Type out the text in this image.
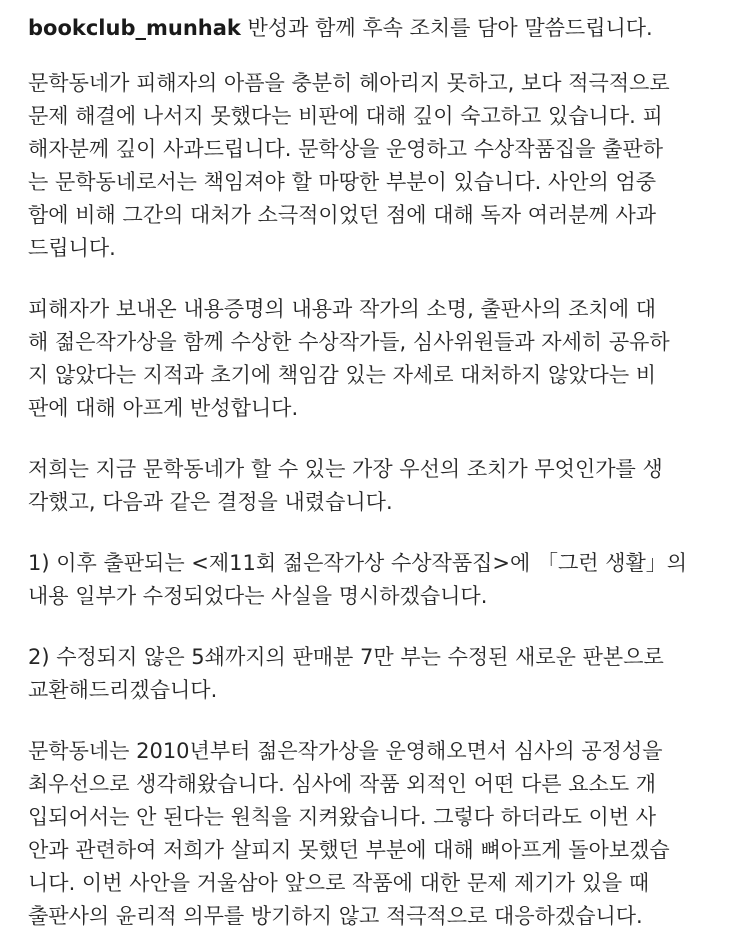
bookclub_munhak 반성과 함께 후속 조치를 담아 말씀드립니다.
문학동네가 피해자의 아픔을 충분히 헤아리지 못하고, 보다 적극적으로
문제 해결에 나서지 못했다는 비판에 대해 깊이 숙고하고 있습니다. 피
해자분께 깊이 사과드립니다. 문학상을 운영하고 수상작품집을 출판하
는 문학동네로서는 책임져야 할 마땅한 부분이 있습니다. 사안의 엄중
함에 비해 그간의 대처가 소극적이었던 점에 대해 독자 여러분께 사과
드립니다.
피해자가 보내온 내용증명의 내용과 작가의 소명, 출판사의 조치에 대
해 젊은작가상을 함께 수상한 수상작가들, 심사위원들과 자세히 공유하
지 않았다는 지적과 초기에 책임감 있는 자세로 대처하지 않았다는 비
판에 대해 아프게 반성합니다.
저희는 지금 문학동네가 할 수 있는 가장 우선의 조치가 무엇인가를 생
각했고, 다음과 같은 결정을 내렸습니다.
1) 이후 출판되는 <제11회 젊은작가상 수상작품집>에 「그런 생활」의
내용 일부가 수정되었다는 사실을 명시하겠습니다.
2) 수정되지 않은 5쇄까지의 판매분 7만 부는 수정된 새로운 판본으로
교환해드리겠습니다.
문학동네는 2010년부터 젊은작가상을 운영해오면서 심사의 공정성을
최우선으로 생각해왔습니다. 심사에 작품 외적인 어떤 다른 요소도 개
입되어서는 안 된다는 원칙을 지켜왔습니다. 그렇다 하더라도 이번 사
안과 관련하여 저희가 살피지 못했던 부분에 대해 뼈아프게 돌아보겠습
니다. 이번 사안을 거울삼아 앞으로 작품에 대한 문제 제기가 있을 때
출판사의 윤리적 의무를 방기하지 않고 적극적으로 대응하겠습니다.
